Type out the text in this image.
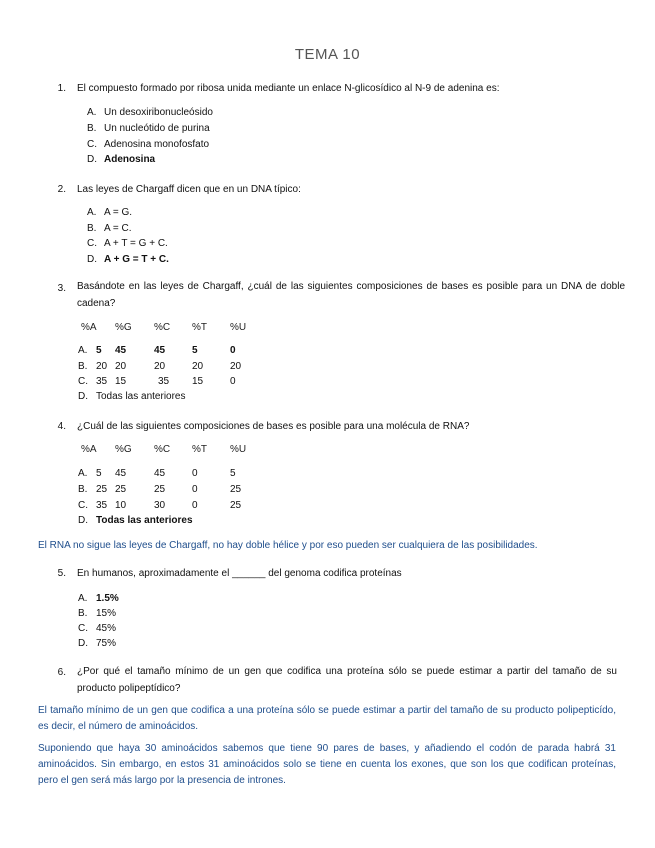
TEMA 10
1. El compuesto formado por ribosa unida mediante un enlace N-glicosídico al N-9 de adenina es:
A. Un desoxiribonucleósido
B. Un nucleótido de purina
C. Adenosina monofosfato
D. Adenosina
2. Las leyes de Chargaff dicen que en un DNA típico:
A. A = G.
B. A = C.
C. A + T = G + C.
D. A + G = T + C.
3. Basándote en las leyes de Chargaff, ¿cuál de las siguientes composiciones de bases es posible para un DNA de doble cadena?
%A %G %C %T %U
A. 5 45	45	5	0
B. 20 20	20	20	20
C. 35 15	35 15	0
D. Todas las anteriores
4. ¿Cuál de las siguientes composiciones de bases es posible para una molécula de RNA?
%A %G %C %T %U
A. 5 45	45	0	5
B. 25 25	25	0	25
C. 35 10	30	0	25
D. Todas las anteriores
El RNA no sigue las leyes de Chargaff, no hay doble hélice y por eso pueden ser cualquiera de las posibilidades.
5. En humanos, aproximadamente el ______ del genoma codifica proteínas
A. 1.5%
B. 15%
C. 45%
D. 75%
6. ¿Por qué el tamaño mínimo de un gen que codifica una proteína sólo se puede estimar a partir del tamaño de su producto polipeptídico?
El tamaño mínimo de un gen que codifica a una proteína sólo se puede estimar a partir del tamaño de su producto polipepticído, es decir, el número de aminoácidos.
Suponiendo que haya 30 aminoácidos sabemos que tiene 90 pares de bases, y añadiendo el codón de parada habrá 31 aminoácidos. Sin embargo, en estos 31 aminoácidos solo se tiene en cuenta los exones, que son los que codifican proteínas, pero el gen será más largo por la presencia de intrones.
